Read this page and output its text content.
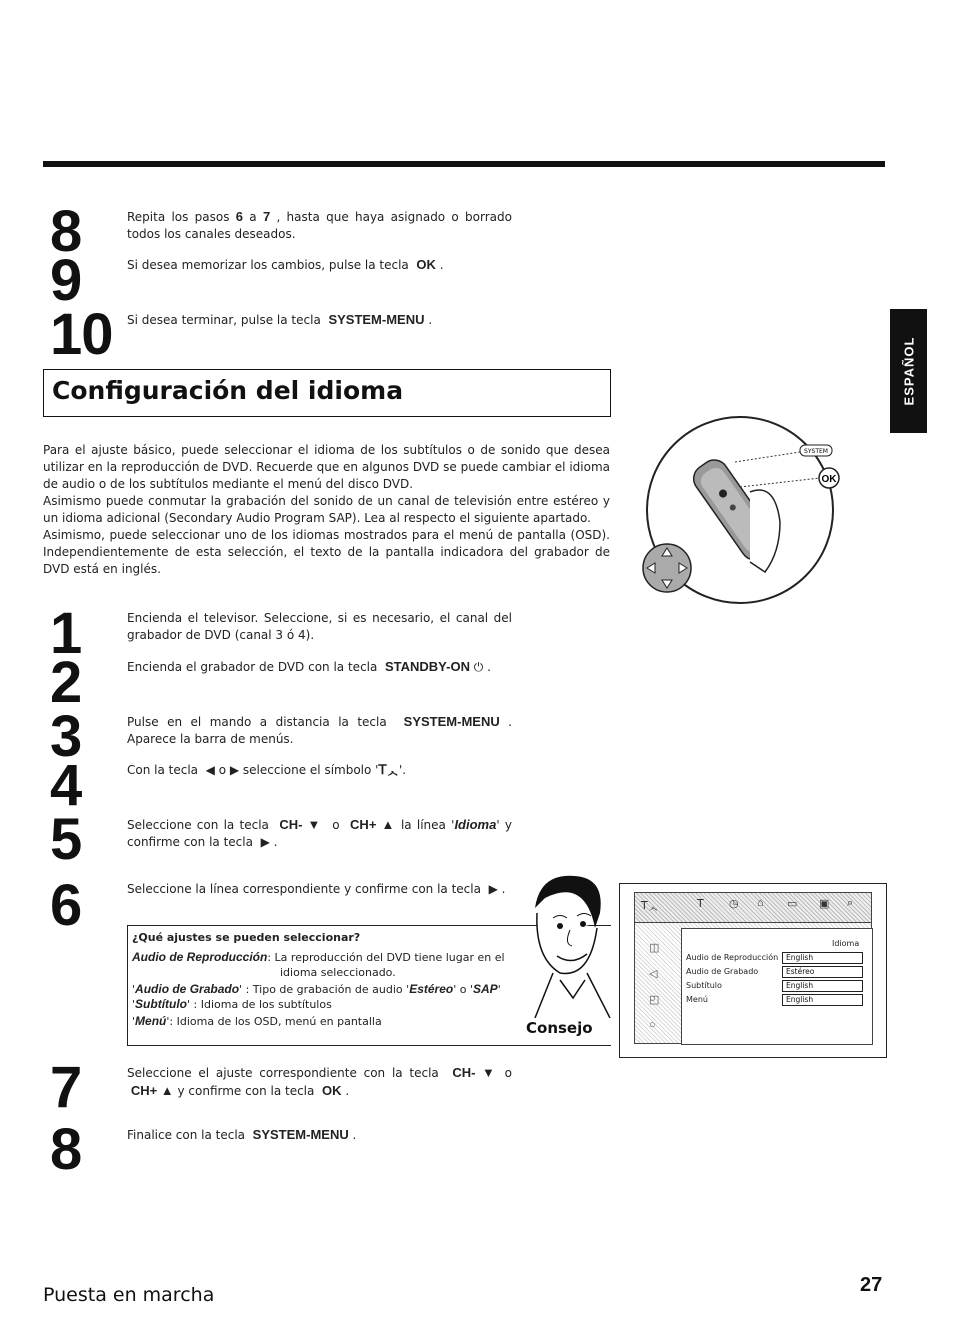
ESPAÑOL
8	Repita los pasos 6 a 7 , hasta que haya asignado o borrado todos los canales deseados.
9	Si desea memorizar los cambios, pulse la tecla  OK .
10 Si desea terminar, pulse la tecla  SYSTEM-MENU .
Configuración del idioma

Para el ajuste básico, puede seleccionar el idioma de los subtítulos o de sonido que desea utilizar en la reproducción de DVD. Recuerde que en algunos DVD se puede cambiar el idioma de audio o de los subtítulos mediante el menú del disco DVD.

Asimismo puede conmutar la grabación del sonido de un canal de televisión entre estéreo y un idioma adicional (Secondary Audio Program SAP). Lea al respecto el siguiente apartado.

Asimismo, puede seleccionar uno de los idiomas mostrados para el menú de pantalla (OSD). Independientemente de esta selección, el texto de la pantalla indicadora del grabador de DVD está en inglés.

SYSTEM
OK
1	Encienda el televisor. Seleccione, si es necesario, el canal del grabador de DVD (canal 3 ó 4).
2	Encienda el grabador de DVD con la tecla  STANDBY-ON ⏻ .
3	Pulse en el mando a distancia la tecla  SYSTEM-MENU . Aparece la barra de menús.
4	Con la tecla  ◀ o ▶ seleccione el símbolo '𝖳ᆺ'.
5	Seleccione con la tecla  CH- ▼  o  CH+ ▲ la línea 'Idioma' y confirme con la tecla  ▶ .
6	Seleccione la línea correspondiente y confirme con la tecla  ▶ .
¿Qué ajustes se pueden seleccionar?
Audio de Reproducción: La reproducción del DVD tiene lugar en el
idioma seleccionado.
'Audio de Grabado' : Tipo de grabación de audio 'Estéreo' o 'SAP'
'Subtítulo' : Idioma de los subtítulos
'Menú': Idioma de los OSD, menú en pantalla	Consejo
𝖳ᆺ	𝖳 ◷ ⌂ ▭ ▣ ⌕
◫
◁
◰
○
Idioma
Audio de Reproducción	English
Audio de Grabado	Estéreo
Subtítulo	English
Menú	English
7	Seleccione el ajuste correspondiente con la tecla  CH- ▼ o  CH+ ▲ y confirme con la tecla  OK .
8	Finalice con la tecla  SYSTEM-MENU .
Puesta en marcha	27
